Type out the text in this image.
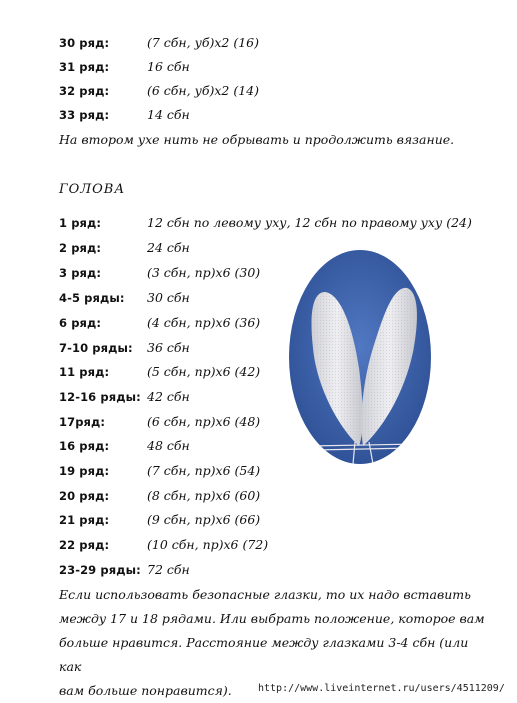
30 ряд:	(7 сбн, уб)х2 (16)
31 ряд:	16 сбн
32 ряд:	(6 сбн, уб)х2 (14)
33 ряд:	14 сбн
На втором ухе нить не обрывать и продолжить вязание.
ГОЛОВА
1 ряд:	12 сбн по левому уху, 12 сбн по правому уху (24)
2 ряд:	24 сбн
3 ряд:	(3 сбн, пр)х6 (30)
4-5 ряды: 30 сбн
6 ряд:	(4 сбн, пр)х6 (36)
7-10 ряды: 36 сбн
11 ряд:	(5 сбн, пр)х6 (42)
12-16 ряды: 42 сбн
17ряд:	(6 сбн, пр)х6 (48)
16 ряд:	48 сбн
19 ряд:	(7 сбн, пр)х6 (54)
20 ряд:	(8 сбн, пр)х6 (60)
21 ряд:	(9 сбн, пр)х6 (66)
22 ряд:	(10 сбн, пр)х6 (72)
23-29 ряды: 72 сбн
Если использовать безопасные глазки, то их надо вставить
между 17 и 18 рядами. Или выбрать положение, которое вам
больше нравится. Расстояние между глазками 3-4 сбн (или как
вам больше понравится).	http://www.liveinternet.ru/users/4511209/
